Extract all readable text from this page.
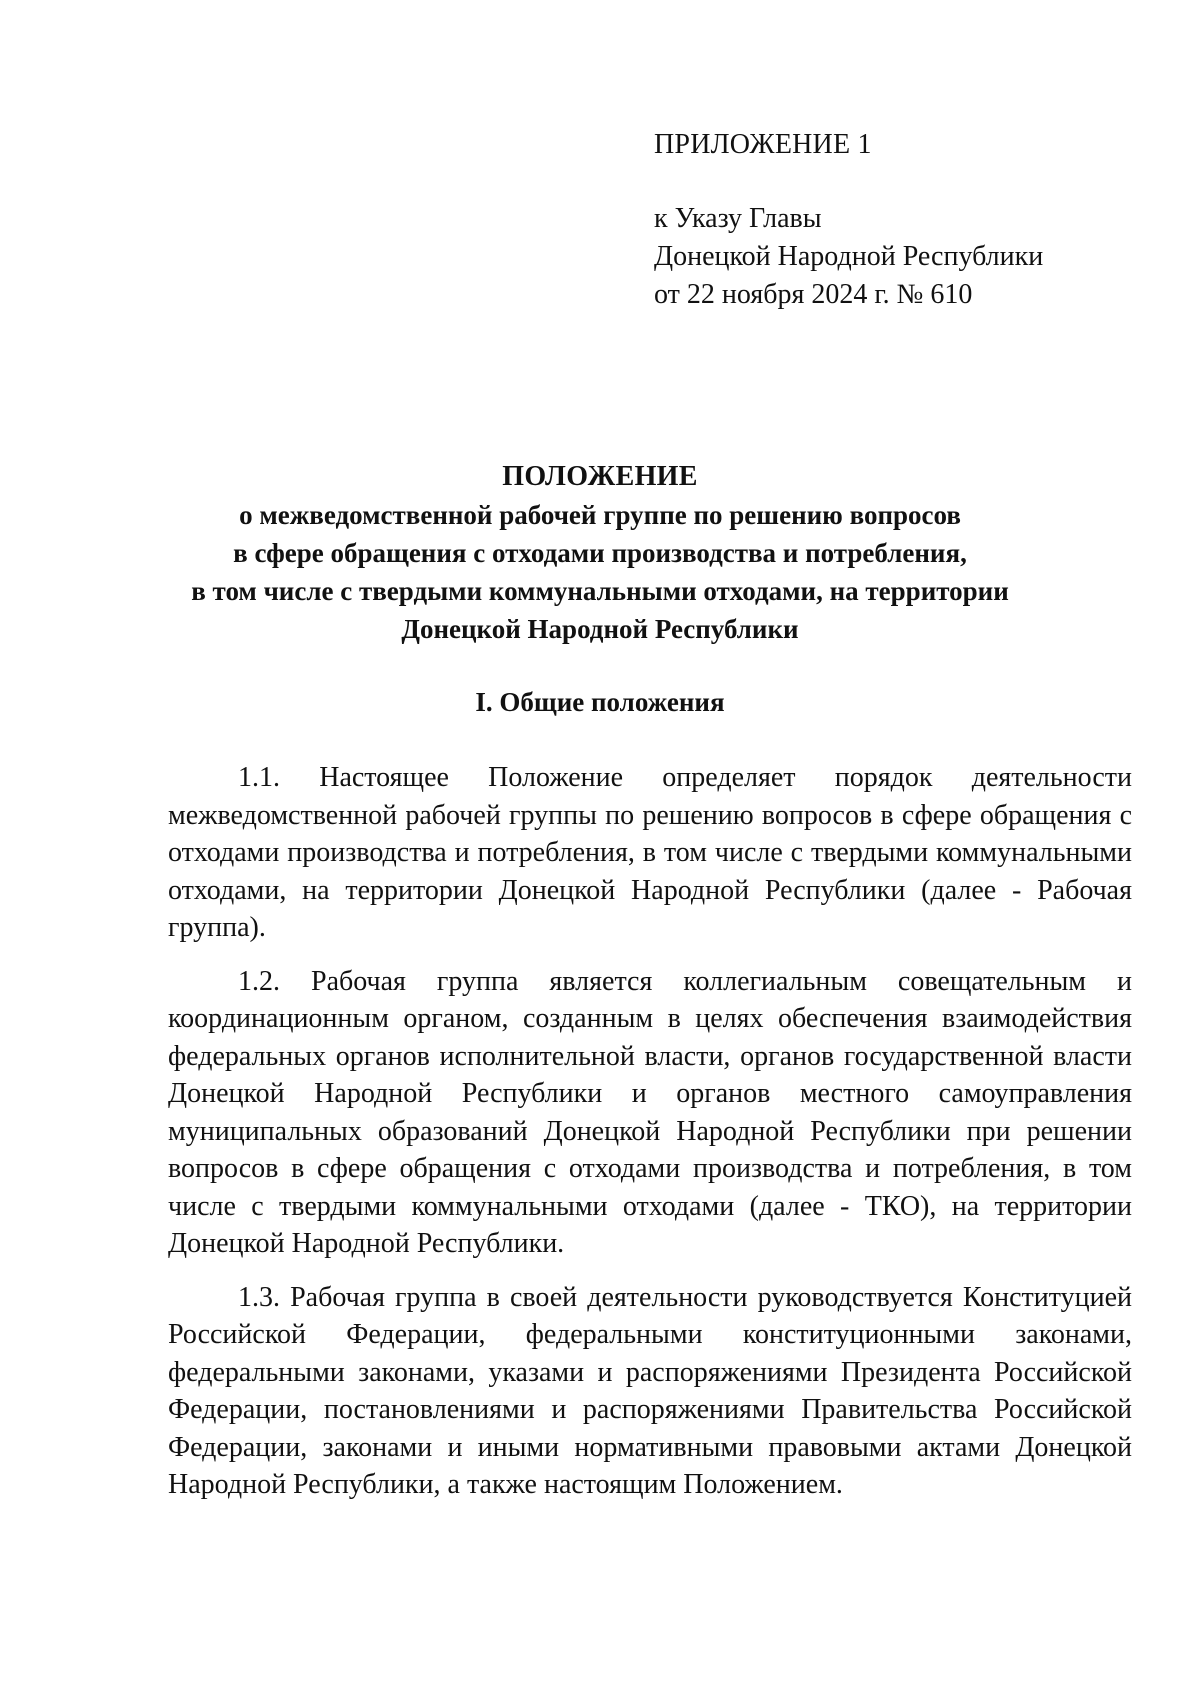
ПРИЛОЖЕНИЕ 1

к Указу Главы

Донецкой Народной Республики

от 22 ноября 2024 г. № 610

ПОЛОЖЕНИЕ

о межведомственной рабочей группе по решению вопросов

в сфере обращения с отходами производства и потребления,

в том числе с твердыми коммунальными отходами, на территории

Донецкой Народной Республики

I. Общие положения

1.1. Настоящее Положение определяет порядок деятельности межведомственной рабочей группы по решению вопросов в сфере обращения с отходами производства и потребления, в том числе с твердыми коммунальными отходами, на территории Донецкой Народной Республики (далее - Рабочая группа).

1.2. Рабочая группа является коллегиальным совещательным и координационным органом, созданным в целях обеспечения взаимодействия федеральных органов исполнительной власти, органов государственной власти Донецкой Народной Республики и органов местного самоуправления муниципальных образований Донецкой Народной Республики при решении вопросов в сфере обращения с отходами производства и потребления, в том числе с твердыми коммунальными отходами (далее - ТКО), на территории Донецкой Народной Республики.

1.3. Рабочая группа в своей деятельности руководствуется Конституцией Российской Федерации, федеральными конституционными законами, федеральными законами, указами и распоряжениями Президента Российской Федерации, постановлениями и распоряжениями Правительства Российской Федерации, законами и иными нормативными правовыми актами Донецкой Народной Республики, а также настоящим Положением.
